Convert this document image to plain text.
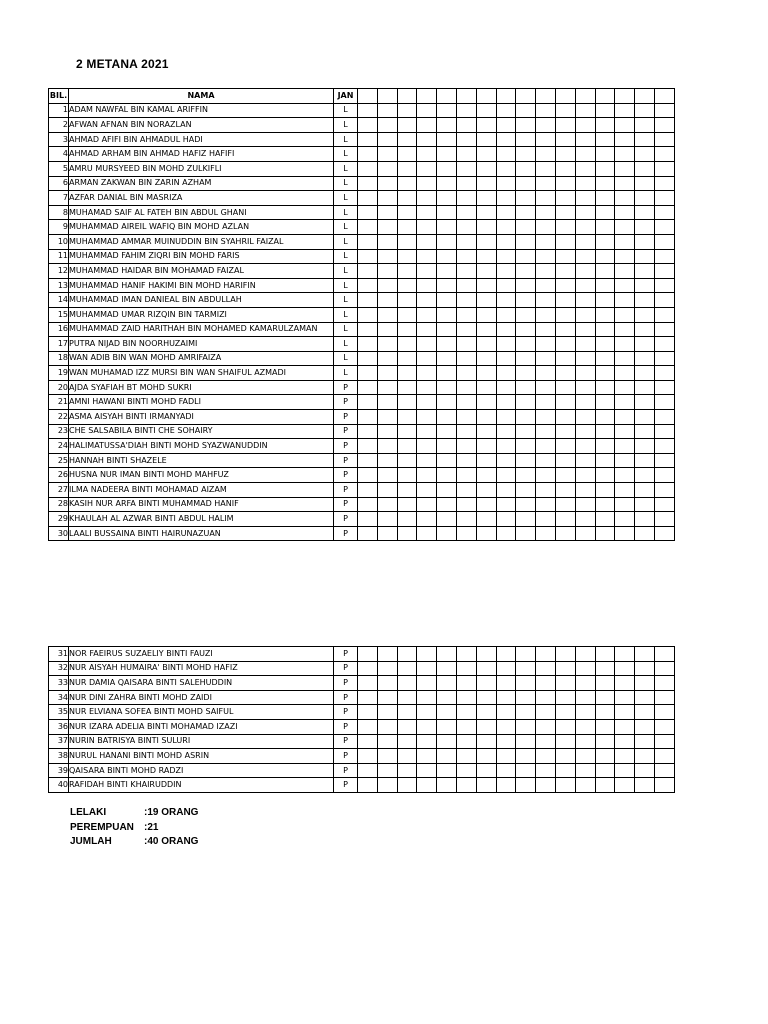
2 METANA 2021
BIL.	NAMA	JAN																
1	ADAM NAWFAL BIN KAMAL ARIFFIN	L																
2	AFWAN AFNAN BIN NORAZLAN	L																
3	AHMAD AFIFI BIN AHMADUL HADI	L																
4	AHMAD ARHAM BIN AHMAD HAFIZ HAFIFI	L																
5	AMRU MURSYEED BIN MOHD ZULKIFLI	L																
6	ARMAN ZAKWAN BIN ZARIN AZHAM	L																
7	AZFAR DANIAL BIN MASRIZA	L																
8	MUHAMAD SAIF AL FATEH BIN ABDUL GHANI	L																
9	MUHAMMAD AIREIL WAFIQ BIN MOHD AZLAN	L																
10	MUHAMMAD AMMAR MUINUDDIN BIN SYAHRIL FAIZAL	L																
11	MUHAMMAD FAHIM ZIQRI BIN MOHD FARIS	L																
12	MUHAMMAD HAIDAR BIN MOHAMAD FAIZAL	L																
13	MUHAMMAD HANIF HAKIMI BIN MOHD HARIFIN	L																
14	MUHAMMAD IMAN DANIEAL BIN ABDULLAH	L																
15	MUHAMMAD UMAR RIZQIN BIN TARMIZI	L																
16	MUHAMMAD ZAID HARITHAH BIN MOHAMED KAMARULZAMAN	L																
17	PUTRA NIJAD BIN NOORHUZAIMI	L																
18	WAN ADIB BIN WAN MOHD AMRIFAIZA	L																
19	WAN MUHAMAD IZZ MURSI BIN WAN SHAIFUL AZMADI	L																
20	AJDA SYAFIAH BT MOHD SUKRI	P																
21	AMNI HAWANI BINTI MOHD FADLI	P																
22	ASMA AISYAH BINTI IRMANYADI	P																
23	CHE SALSABILA BINTI CHE SOHAIRY	P																
24	HALIMATUSSA'DIAH BINTI MOHD SYAZWANUDDIN	P																
25	HANNAH BINTI SHAZELE	P																
26	HUSNA NUR IMAN BINTI MOHD MAHFUZ	P																
27	ILMA NADEERA BINTI MOHAMAD AIZAM	P																
28	KASIH NUR ARFA BINTI MUHAMMAD HANIF	P																
29	KHAULAH AL AZWAR BINTI ABDUL HALIM	P																
30	LAALI BUSSAINA BINTI HAIRUNAZUAN	P																
31	NOR FAEIRUS SUZAELIY BINTI FAUZI	P																
32	NUR AISYAH HUMAIRA' BINTI MOHD HAFIZ	P																
33	NUR DAMIA QAISARA BINTI SALEHUDDIN	P																
34	NUR DINI ZAHRA BINTI MOHD ZAIDI	P																
35	NUR ELVIANA SOFEA BINTI MOHD SAIFUL	P																
36	NUR IZARA ADELIA BINTI MOHAMAD IZAZI	P																
37	NURIN BATRISYA BINTI SULURI	P																
38	NURUL HANANI BINTI MOHD ASRIN	P																
39	QAISARA BINTI MOHD RADZI	P																
40	RAFIDAH BINTI KHAIRUDDIN	P																
LELAKI	:19 ORANG
PEREMPUAN	:21
JUMLAH	:40 ORANG
